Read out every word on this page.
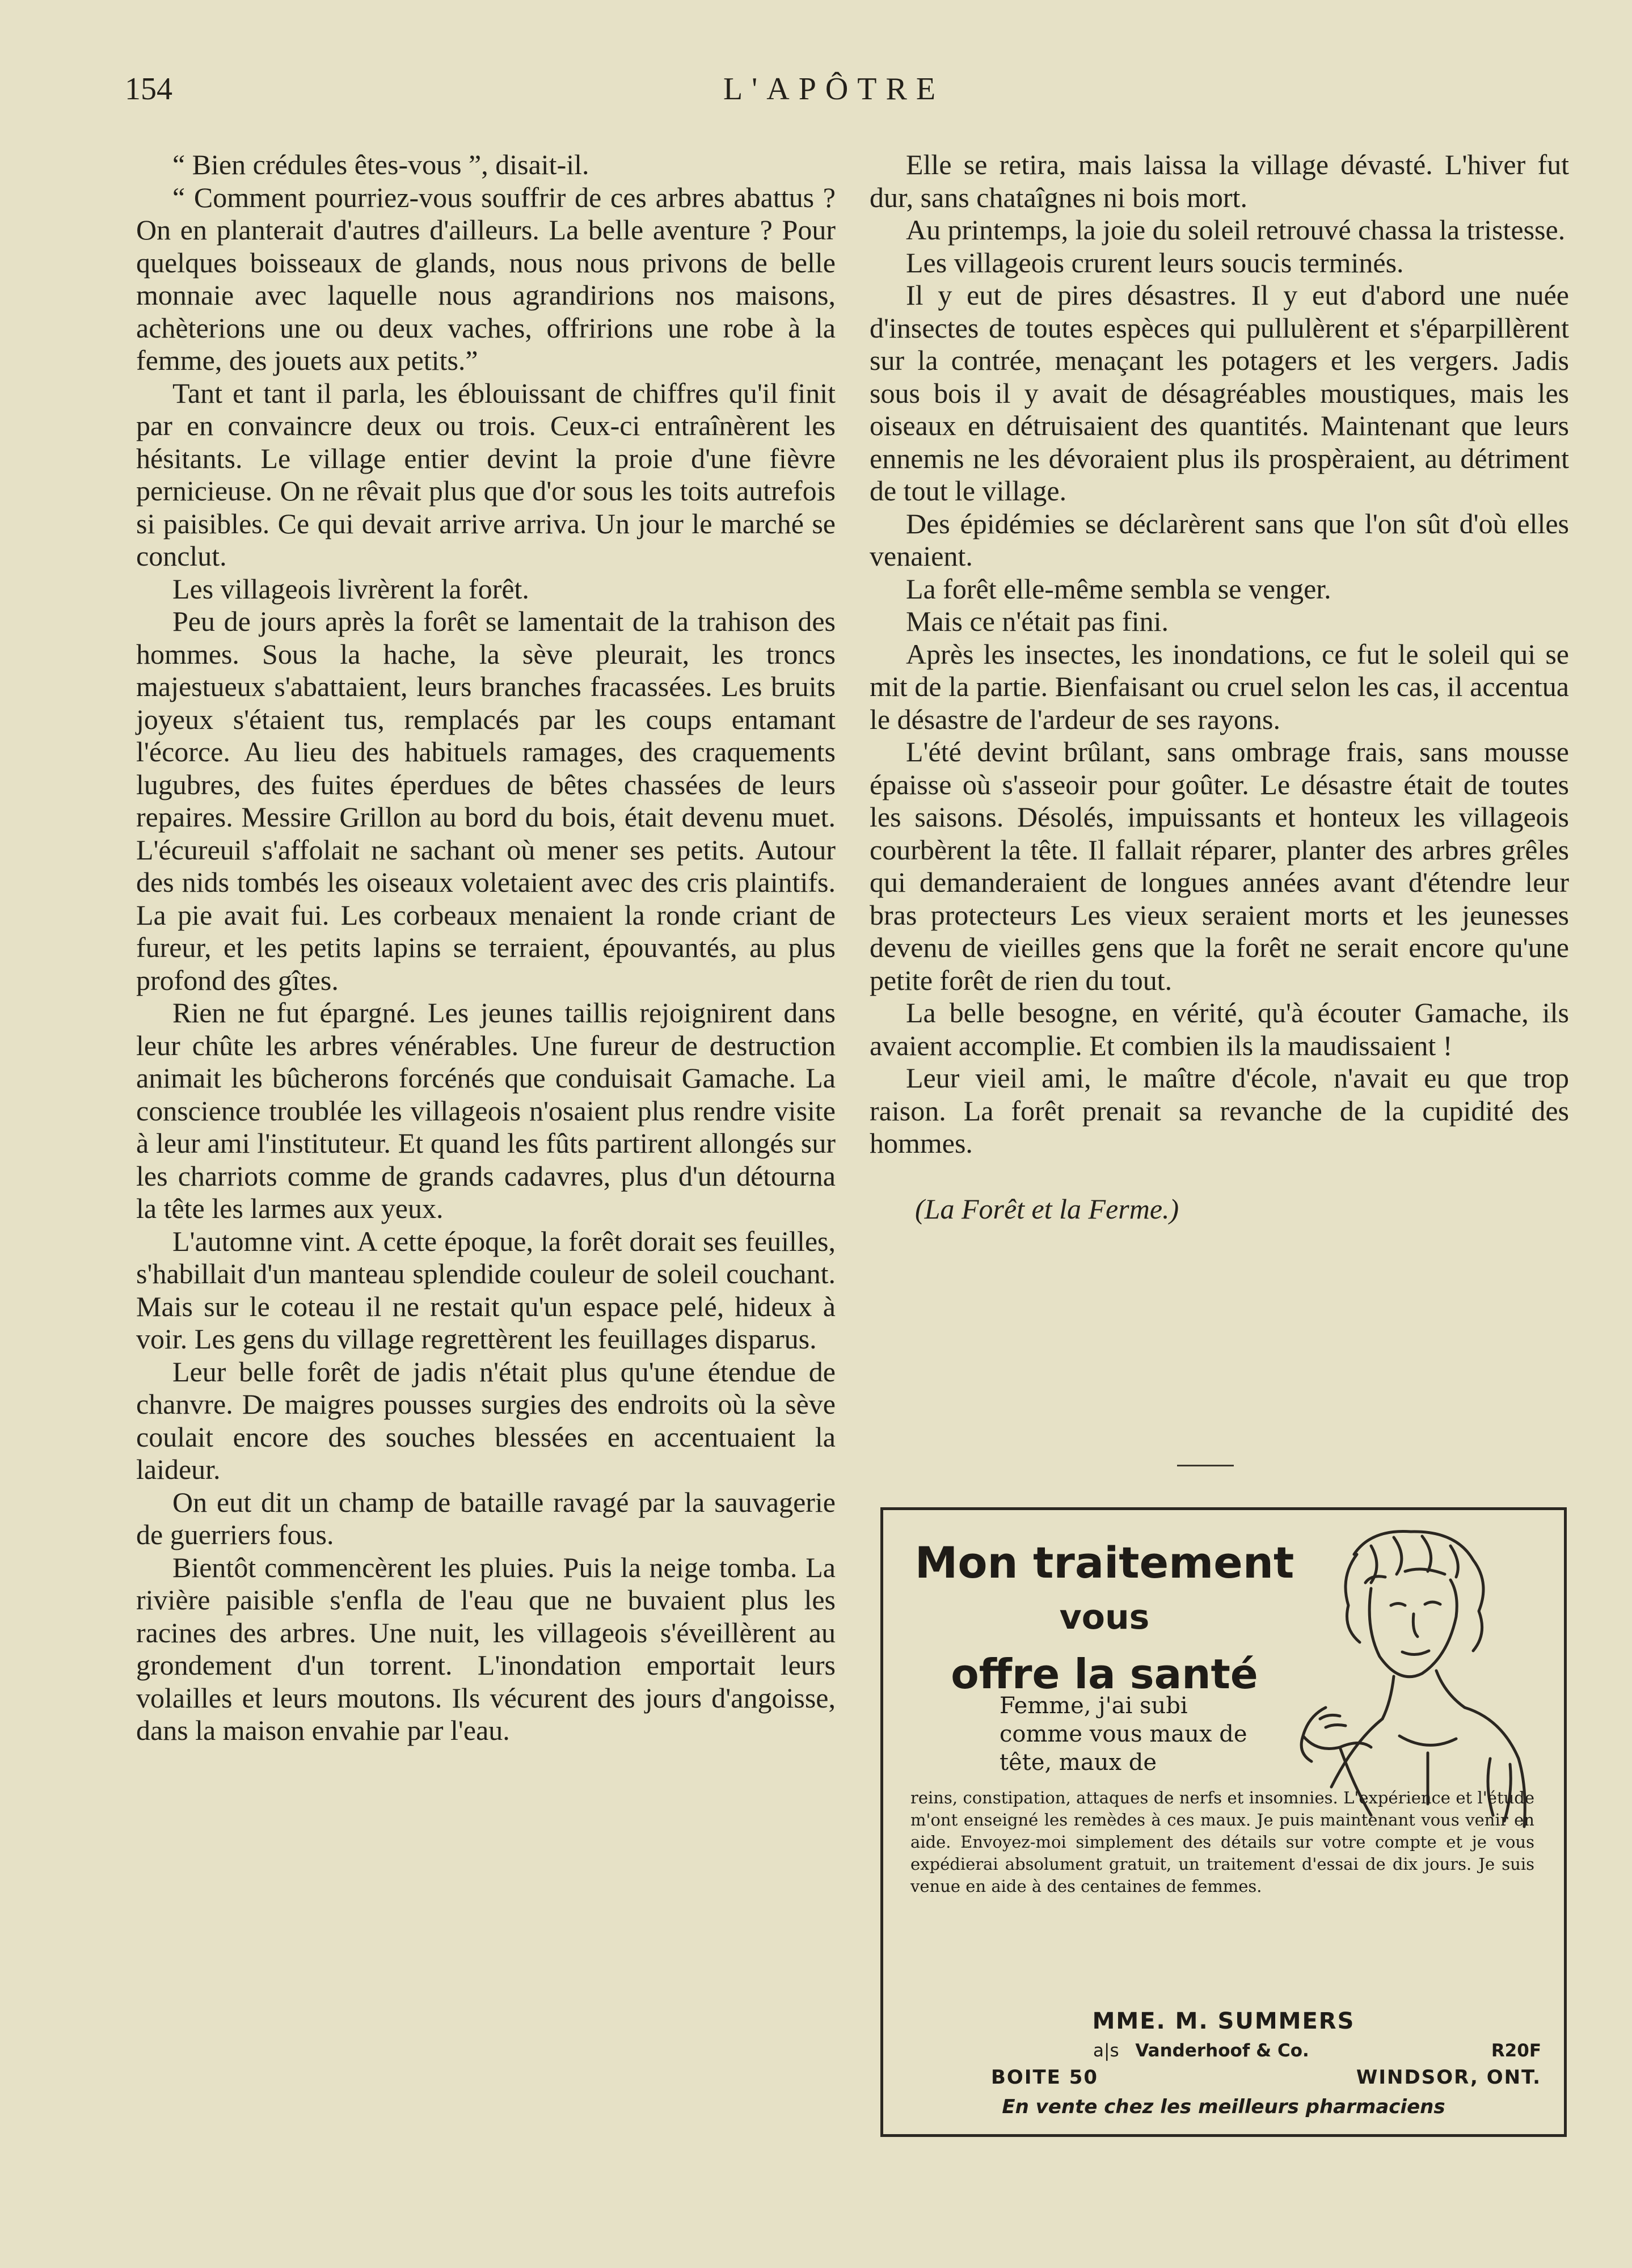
L'APÔTRE
154

“ Bien crédules êtes-vous ”, disait-il.

“ Comment pourriez-vous souffrir de ces arbres abattus ? On en planterait d'autres d'ailleurs. La belle aventure ? Pour quelques boisseaux de glands, nous nous privons de belle monnaie avec laquelle nous agrandirions nos maisons, achèterions une ou deux vaches, offririons une robe à la femme, des jouets aux petits.”

Tant et tant il parla, les éblouissant de chiffres qu'il finit par en convaincre deux ou trois. Ceux-ci entraînèrent les hésitants. Le village entier devint la proie d'une fièvre pernicieuse. On ne rêvait plus que d'or sous les toits autrefois si paisibles. Ce qui devait arrive arriva. Un jour le marché se conclut.

Les villageois livrèrent la forêt.

Peu de jours après la forêt se lamentait de la trahison des hommes. Sous la hache, la sève pleurait, les troncs majestueux s'abattaient, leurs branches fracassées. Les bruits joyeux s'étaient tus, remplacés par les coups entamant l'écorce. Au lieu des habituels ramages, des craquements lugubres, des fuites éperdues de bêtes chassées de leurs repaires. Messire Grillon au bord du bois, était devenu muet. L'écureuil s'affolait ne sachant où mener ses petits. Autour des nids tombés les oiseaux voletaient avec des cris plaintifs. La pie avait fui. Les corbeaux menaient la ronde criant de fureur, et les petits lapins se terraient, épouvantés, au plus profond des gîtes.

Rien ne fut épargné. Les jeunes taillis rejoignirent dans leur chûte les arbres vénérables. Une fureur de destruction animait les bûcherons forcénés que conduisait Gamache. La conscience troublée les villageois n'osaient plus rendre visite à leur ami l'instituteur. Et quand les fûts partirent allongés sur les charriots comme de grands cadavres, plus d'un détourna la tête les larmes aux yeux.

L'automne vint. A cette époque, la forêt dorait ses feuilles, s'habillait d'un manteau splendide couleur de soleil couchant. Mais sur le coteau il ne restait qu'un espace pelé, hideux à voir. Les gens du village regrettèrent les feuillages disparus.

Leur belle forêt de jadis n'était plus qu'une étendue de chanvre. De maigres pousses surgies des endroits où la sève coulait encore des souches blessées en accentuaient la laideur.

On eut dit un champ de bataille ravagé par la sauvagerie de guerriers fous.

Bientôt commencèrent les pluies. Puis la neige tomba. La rivière paisible s'enfla de l'eau que ne buvaient plus les racines des arbres. Une nuit, les villageois s'éveillèrent au grondement d'un torrent. L'inondation emportait leurs volailles et leurs moutons. Ils vécurent des jours d'angoisse, dans la maison envahie par l'eau.

Elle se retira, mais laissa la village dévasté. L'hiver fut dur, sans chataîgnes ni bois mort.

Au printemps, la joie du soleil retrouvé chassa la tristesse.

Les villageois crurent leurs soucis terminés.

Il y eut de pires désastres. Il y eut d'abord une nuée d'insectes de toutes espèces qui pullulèrent et s'éparpillèrent sur la contrée, menaçant les potagers et les vergers. Jadis sous bois il y avait de désagréables moustiques, mais les oiseaux en détruisaient des quantités. Maintenant que leurs ennemis ne les dévoraient plus ils prospèraient, au détriment de tout le village.

Des épidémies se déclarèrent sans que l'on sût d'où elles venaient.

La forêt elle-même sembla se venger.

Mais ce n'était pas fini.

Après les insectes, les inondations, ce fut le soleil qui se mit de la partie. Bienfaisant ou cruel selon les cas, il accentua le désastre de l'ardeur de ses rayons.

L'été devint brûlant, sans ombrage frais, sans mousse épaisse où s'asseoir pour goûter. Le désastre était de toutes les saisons. Désolés, impuissants et honteux les villageois courbèrent la tête. Il fallait réparer, planter des arbres grêles qui demanderaient de longues années avant d'étendre leur bras protecteurs Les vieux seraient morts et les jeunesses devenu de vieilles gens que la forêt ne serait encore qu'une petite forêt de rien du tout.

La belle besogne, en vérité, qu'à écouter Gamache, ils avaient accomplie. Et combien ils la maudissaient !

Leur vieil ami, le maître d'école, n'avait eu que trop raison. La forêt prenait sa revanche de la cupidité des hommes.

(La Forêt et la Ferme.)

Mon traitement
vous
offre la santé
Femme, j'ai subi comme vous maux de tête, maux de
reins, constipation, attaques de nerfs et insomnies. L'expérience et l'étude m'ont enseigné les remèdes à ces maux. Je puis maintenant vous venir en aide. Envoyez-moi simplement des détails sur votre compte et je vous expédierai absolument gratuit, un traitement d'essai de dix jours. Je suis venue en aide à des centaines de femmes.
MME. M. SUMMERS
a|s Vanderhoof & Co.	R20F
BOITE 50	WINDSOR, ONT.
En vente chez les meilleurs pharmaciens
